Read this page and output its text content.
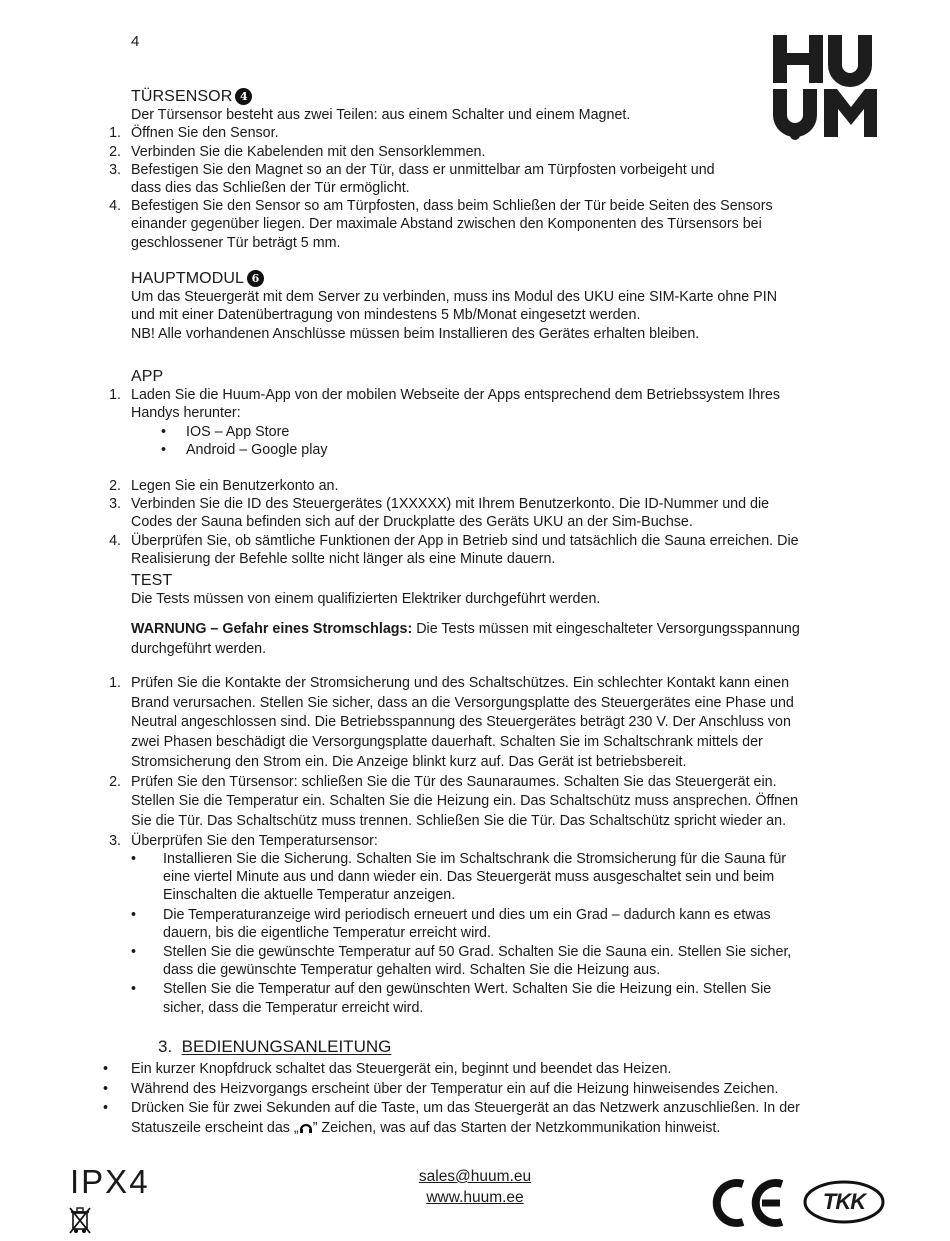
4
TÜRSENSOR 4
Der Türsensor besteht aus zwei Teilen: aus einem Schalter und einem Magnet.
1. Öffnen Sie den Sensor.
2. Verbinden Sie die Kabelenden mit den Sensorklemmen.
3. Befestigen Sie den Magnet so an der Tür, dass er unmittelbar am Türpfosten vorbeigeht und dass dies das Schließen der Tür ermöglicht.
4. Befestigen Sie den Sensor so am Türpfosten, dass beim Schließen der Tür beide Seiten des Sensors einander gegenüber liegen. Der maximale Abstand zwischen den Komponenten des Türsensors bei geschlossener Tür beträgt 5 mm.
HAUPTMODUL 6
Um das Steuergerät mit dem Server zu verbinden, muss ins Modul des UKU eine SIM-Karte ohne PIN und mit einer Datenübertragung von mindestens 5 Mb/Monat eingesetzt werden.
NB! Alle vorhandenen Anschlüsse müssen beim Installieren des Gerätes erhalten bleiben.
APP
1. Laden Sie die Huum-App von der mobilen Webseite der Apps entsprechend dem Betriebssystem Ihres Handys herunter:
• IOS – App Store
• Android – Google play
2. Legen Sie ein Benutzerkonto an.
3. Verbinden Sie die ID des Steuergerätes (1XXXXX) mit Ihrem Benutzerkonto. Die ID-Nummer und die Codes der Sauna befinden sich auf der Druckplatte des Geräts UKU an der Sim-Buchse.
4. Überprüfen Sie, ob sämtliche Funktionen der App in Betrieb sind und tatsächlich die Sauna erreichen. Die Realisierung der Befehle sollte nicht länger als eine Minute dauern.
TEST
Die Tests müssen von einem qualifizierten Elektriker durchgeführt werden.
WARNUNG – Gefahr eines Stromschlags: Die Tests müssen mit eingeschalteter Versorgungsspannung durchgeführt werden.
1. Prüfen Sie die Kontakte der Stromsicherung und des Schaltschützes. Ein schlechter Kontakt kann einen Brand verursachen. Stellen Sie sicher, dass an die Versorgungsplatte des Steuergerätes eine Phase und Neutral angeschlossen sind. Die Betriebsspannung des Steuergerätes beträgt 230 V. Der Anschluss von zwei Phasen beschädigt die Versorgungsplatte dauerhaft. Schalten Sie im Schaltschrank mittels der Stromsicherung den Strom ein. Die Anzeige blinkt kurz auf. Das Gerät ist betriebsbereit.
2. Prüfen Sie den Türsensor: schließen Sie die Tür des Saunaraumes. Schalten Sie das Steuergerät ein. Stellen Sie die Temperatur ein. Schalten Sie die Heizung ein. Das Schaltschütz muss ansprechen. Öffnen Sie die Tür. Das Schaltschütz muss trennen. Schließen Sie die Tür. Das Schaltschütz spricht wieder an.
3. Überprüfen Sie den Temperatursensor:
• Installieren Sie die Sicherung. Schalten Sie im Schaltschrank die Stromsicherung für die Sauna für eine viertel Minute aus und dann wieder ein. Das Steuergerät muss ausgeschaltet sein und beim Einschalten die aktuelle Temperatur anzeigen.
• Die Temperaturanzeige wird periodisch erneuert und dies um ein Grad – dadurch kann es etwas dauern, bis die eigentliche Temperatur erreicht wird.
• Stellen Sie die gewünschte Temperatur auf 50 Grad. Schalten Sie die Sauna ein. Stellen Sie sicher, dass die gewünschte Temperatur gehalten wird. Schalten Sie die Heizung aus.
• Stellen Sie die Temperatur auf den gewünschten Wert. Schalten Sie die Heizung ein. Stellen Sie sicher, dass die Temperatur erreicht wird.
3. BEDIENUNGSANLEITUNG
• Ein kurzer Knopfdruck schaltet das Steuergerät ein, beginnt und beendet das Heizen.
• Während des Heizvorgangs erscheint über der Temperatur ein auf die Heizung hinweisendes Zeichen.
• Drücken Sie für zwei Sekunden auf die Taste, um das Steuergerät an das Netzwerk anzuschließen. In der Statuszeile erscheint das „ ” Zeichen, was auf das Starten der Netzkommunikation hinweist.
IPX4	sales@huum.eu
www.huum.ee	TKK
